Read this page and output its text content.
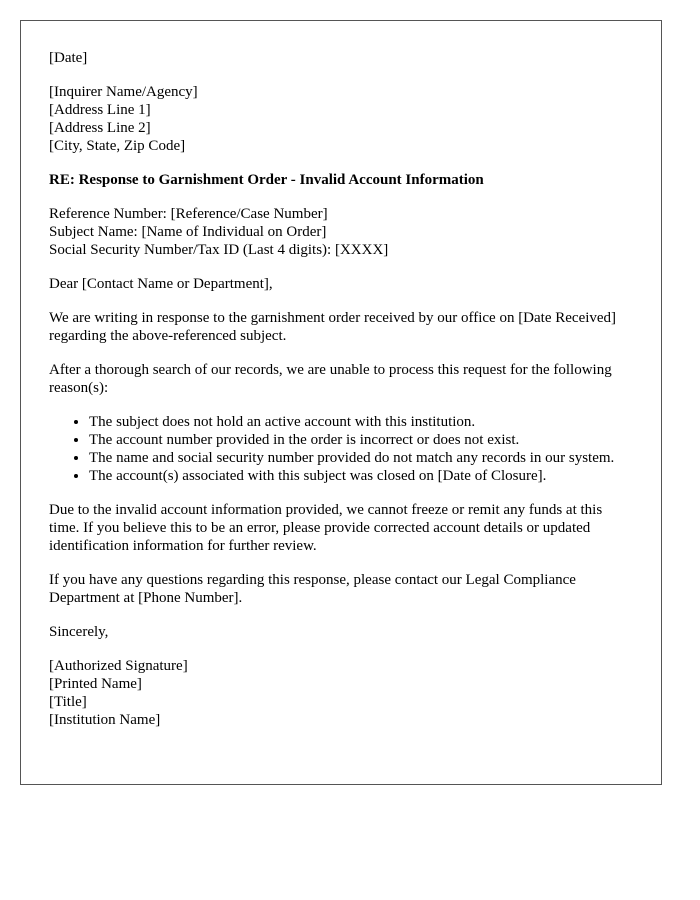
[Date]

[Inquirer Name/Agency]
[Address Line 1]
[Address Line 2]
[City, State, Zip Code]

RE: Response to Garnishment Order - Invalid Account Information

Reference Number: [Reference/Case Number]
Subject Name: [Name of Individual on Order]
Social Security Number/Tax ID (Last 4 digits): [XXXX]

Dear [Contact Name or Department],

We are writing in response to the garnishment order received by our office on [Date Received] regarding the above-referenced subject.

After a thorough search of our records, we are unable to process this request for the following reason(s):

• The subject does not hold an active account with this institution.
• The account number provided in the order is incorrect or does not exist.
• The name and social security number provided do not match any records in our system.
• The account(s) associated with this subject was closed on [Date of Closure].

Due to the invalid account information provided, we cannot freeze or remit any funds at this time. If you believe this to be an error, please provide corrected account details or updated identification information for further review.

If you have any questions regarding this response, please contact our Legal Compliance Department at [Phone Number].

Sincerely,

[Authorized Signature]
[Printed Name]
[Title]
[Institution Name]
